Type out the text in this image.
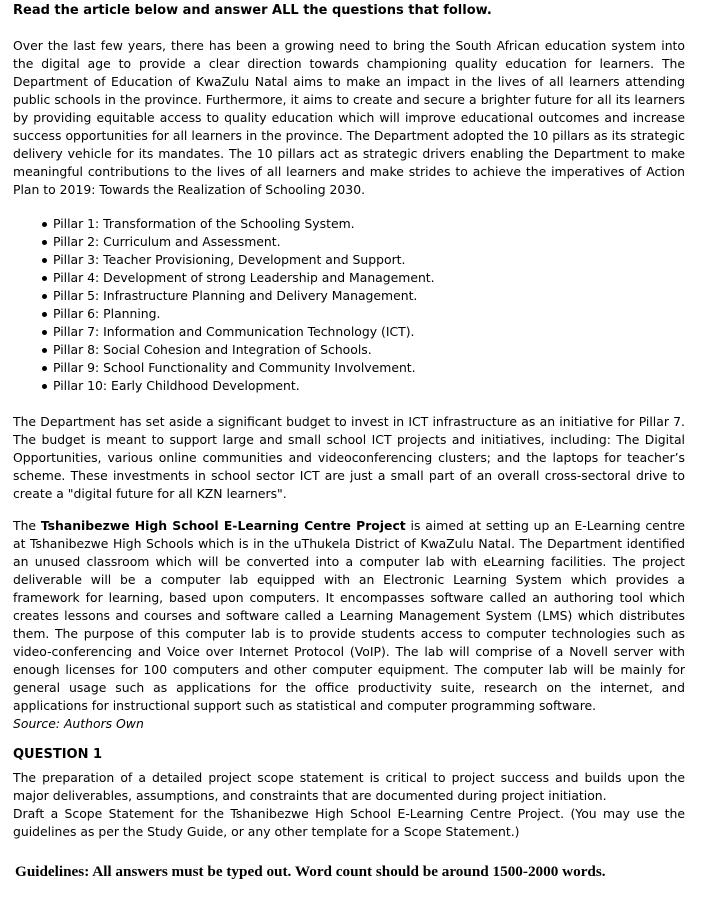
Read the article below and answer ALL the questions that follow.

Over the last few years, there has been a growing need to bring the South African education system into the digital age to provide a clear direction towards championing quality education for learners. The Department of Education of KwaZulu Natal aims to make an impact in the lives of all learners attending public schools in the province. Furthermore, it aims to create and secure a brighter future for all its learners by providing equitable access to quality education which will improve educational outcomes and increase success opportunities for all learners in the province. The Department adopted the 10 pillars as its strategic delivery vehicle for its mandates. The 10 pillars act as strategic drivers enabling the Department to make meaningful contributions to the lives of all learners and make strides to achieve the imperatives of Action Plan to 2019: Towards the Realization of Schooling 2030.

Pillar 1: Transformation of the Schooling System.
Pillar 2: Curriculum and Assessment.
Pillar 3: Teacher Provisioning, Development and Support.
Pillar 4: Development of strong Leadership and Management.
Pillar 5: Infrastructure Planning and Delivery Management.
Pillar 6: Planning.
Pillar 7: Information and Communication Technology (ICT).
Pillar 8: Social Cohesion and Integration of Schools.
Pillar 9: School Functionality and Community Involvement.
Pillar 10: Early Childhood Development.

The Department has set aside a significant budget to invest in ICT infrastructure as an initiative for Pillar 7. The budget is meant to support large and small school ICT projects and initiatives, including: The Digital Opportunities, various online communities and videoconferencing clusters; and the laptops for teacher’s scheme. These investments in school sector ICT are just a small part of an overall cross-sectoral drive to create a "digital future for all KZN learners".

The Tshanibezwe High School E-Learning Centre Project is aimed at setting up an E-Learning centre at Tshanibezwe High Schools which is in the uThukela District of KwaZulu Natal. The Department identified an unused classroom which will be converted into a computer lab with eLearning facilities. The project deliverable will be a computer lab equipped with an Electronic Learning System which provides a framework for learning, based upon computers. It encompasses software called an authoring tool which creates lessons and courses and software called a Learning Management System (LMS) which distributes them. The purpose of this computer lab is to provide students access to computer technologies such as video-conferencing and Voice over Internet Protocol (VoIP). The lab will comprise of a Novell server with enough licenses for 100 computers and other computer equipment. The computer lab will be mainly for general usage such as applications for the office productivity suite, research on the internet, and applications for instructional support such as statistical and computer programming software.
Source: Authors Own

QUESTION 1

The preparation of a detailed project scope statement is critical to project success and builds upon the major deliverables, assumptions, and constraints that are documented during project initiation.
Draft a Scope Statement for the Tshanibezwe High School E-Learning Centre Project. (You may use the guidelines as per the Study Guide, or any other template for a Scope Statement.)

Guidelines: All answers must be typed out. Word count should be around 1500-2000 words.
